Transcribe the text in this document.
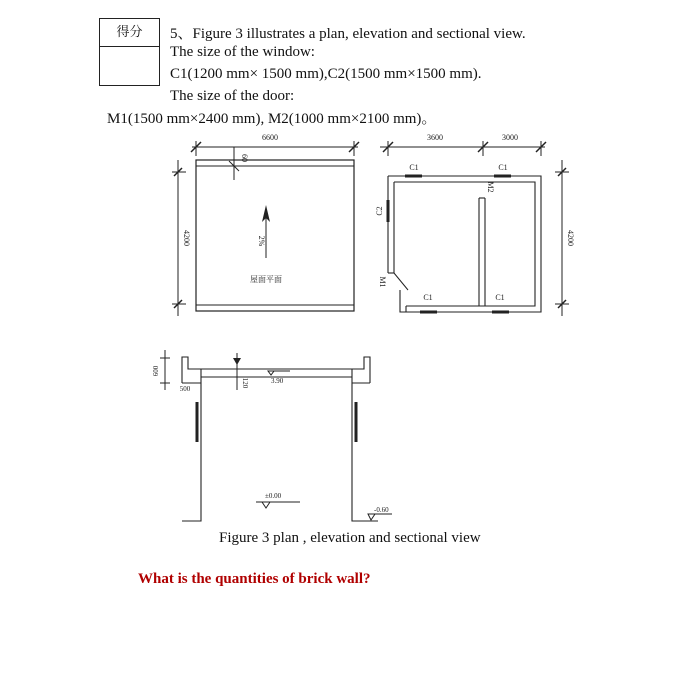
得分	5、Figure 3 illustrates a plan, elevation and sectional view.
The size of the window:
C1(1200 mm× 1500 mm),C2(1500 mm×1500 mm).
The size of the door:
M1(1500 mm×2400 mm), M2(1000 mm×2100 mm)。
6600
60
4200	2%
屋面平面
3600	3000
C1	C1
C1	C1
C2
M1
M2
4200
600
500
120	3.90
±0.00
-0.60
Figure 3 plan , elevation and sectional view
What is the quantities of brick wall?
